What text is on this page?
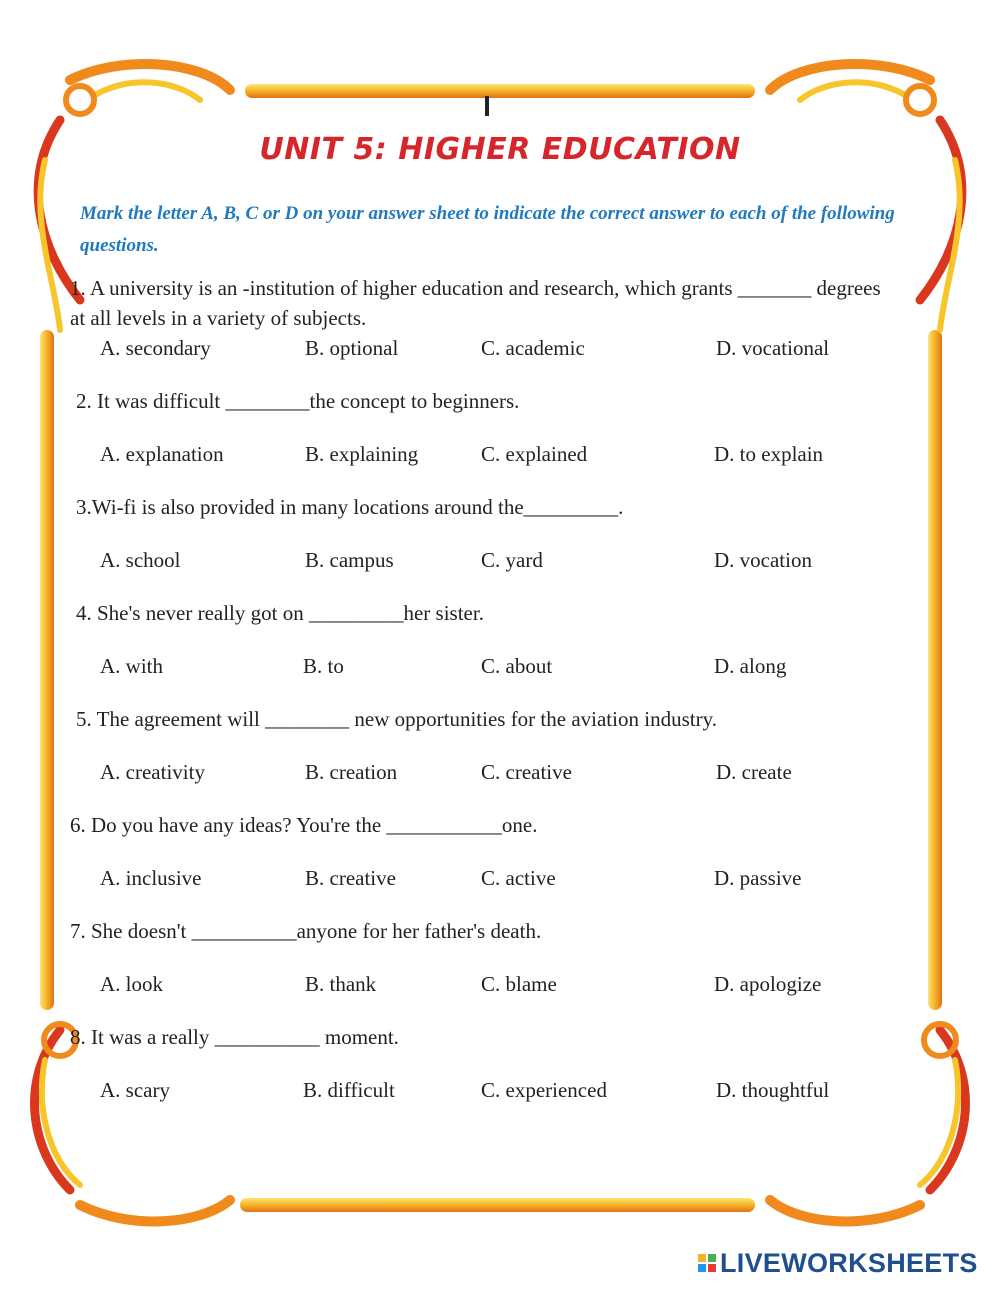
UNIT 5: HIGHER EDUCATION

Mark the letter A, B, C or D on your answer sheet to indicate the correct answer to each of the following questions.

1. A university is an -institution of higher education and research, which grants _______ degrees at all levels in a variety of subjects.

A. secondary	B. optional	C. academic	D. vocational

2. It was difficult ________the concept to beginners.

A. explanation	B. explaining	C. explained	D. to explain

3.Wi-fi is also provided in many locations around the_________.

A. school	B. campus	C. yard	D. vocation

4. She's never really got on _________her sister.

A. with	B. to	C. about	D. along

5. The agreement will ________ new opportunities for the aviation industry.

A. creativity	B. creation	C. creative	D. create

6. Do you have any ideas? You're the ___________one.

A. inclusive	B. creative	C. active	D. passive

7. She doesn't __________anyone for her father's death.

A. look	B. thank	C. blame	D. apologize

8. It was a really __________ moment.

A. scary	B. difficult	C. experienced	D. thoughtful
LIVEWORKSHEETS
